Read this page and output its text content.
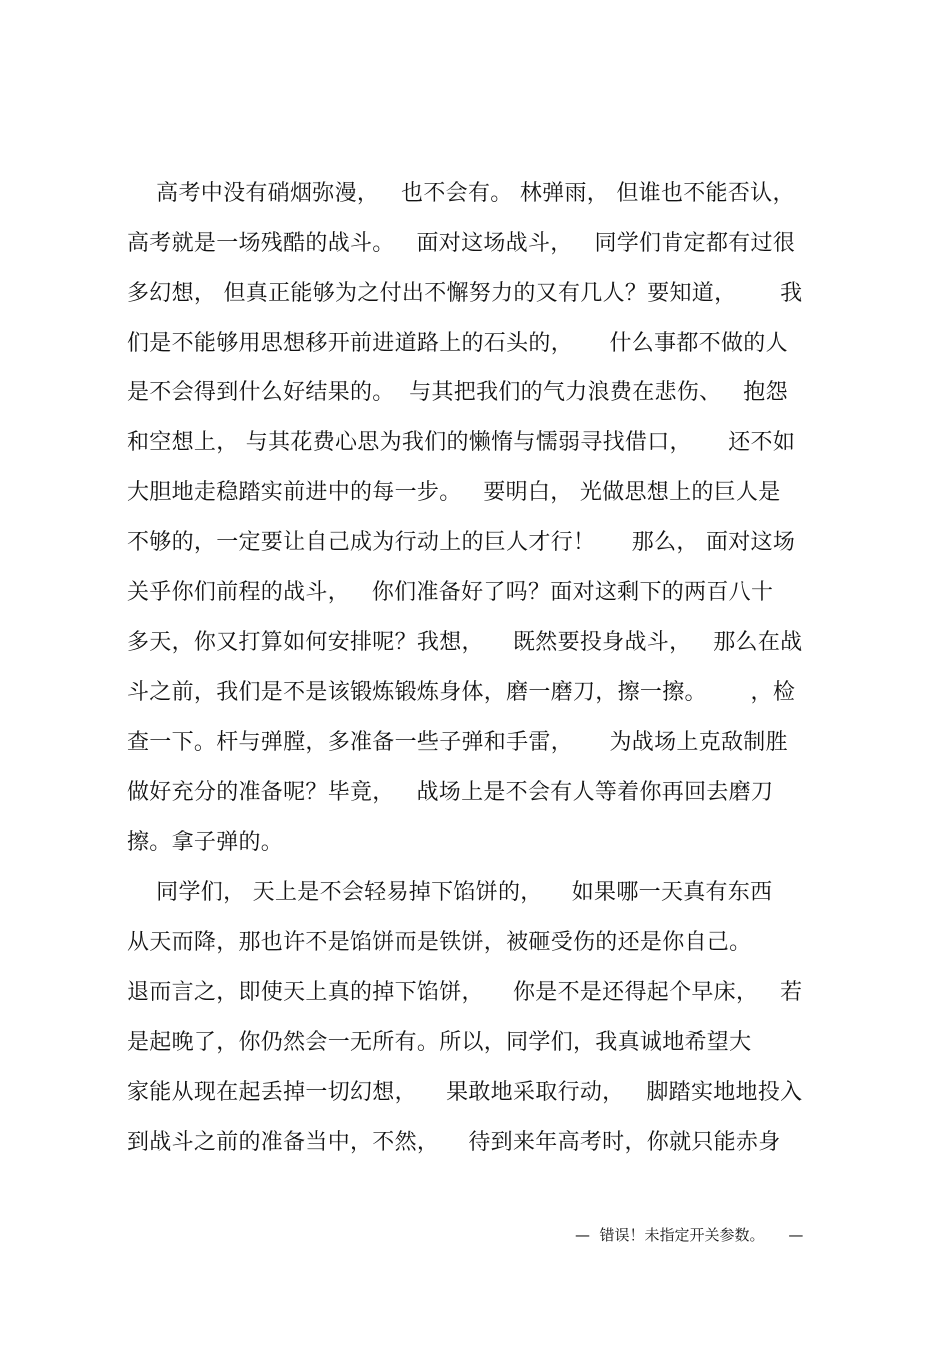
高考中没有硝烟弥漫，   也不会有。 林弹雨， 但谁也不能否认，
高考就是一场残酷的战斗。   面对这场战斗，   同学们肯定都有过很
多幻想， 但真正能够为之付出不懈努力的又有几人？要知道，      我
们是不能够用思想移开前进道路上的石头的，     什么事都不做的人
是不会得到什么好结果的。  与其把我们的气力浪费在悲伤、   抱怨
和空想上， 与其花费心思为我们的懒惰与懦弱寻找借口，     还不如
大胆地走稳踏实前进中的每一步。   要明白， 光做思想上的巨人是
不够的，一定要让自己成为行动上的巨人才行！     那么， 面对这场
关乎你们前程的战斗，   你们准备好了吗？面对这剩下的两百八十
多天，你又打算如何安排呢？我想，    既然要投身战斗，   那么在战
斗之前，我们是不是该锻炼锻炼身体，磨一磨刀，擦一擦。      ，检
查一下。杆与弹膛，多准备一些子弹和手雷，     为战场上克敌制胜
做好充分的准备呢？毕竟，   战场上是不会有人等着你再回去磨刀
擦。拿子弹的。
同学们， 天上是不会轻易掉下馅饼的，    如果哪一天真有东西
从天而降，那也许不是馅饼而是铁饼，被砸受伤的还是你自己。
退而言之，即使天上真的掉下馅饼，    你是不是还得起个早床，   若
是起晚了，你仍然会一无所有。所以，同学们，我真诚地希望大
家能从现在起丢掉一切幻想，    果敢地采取行动，   脚踏实地地投入
到战斗之前的准备当中，不然，    待到来年高考时，你就只能赤身
—  错误！未指定开关参数。     —
